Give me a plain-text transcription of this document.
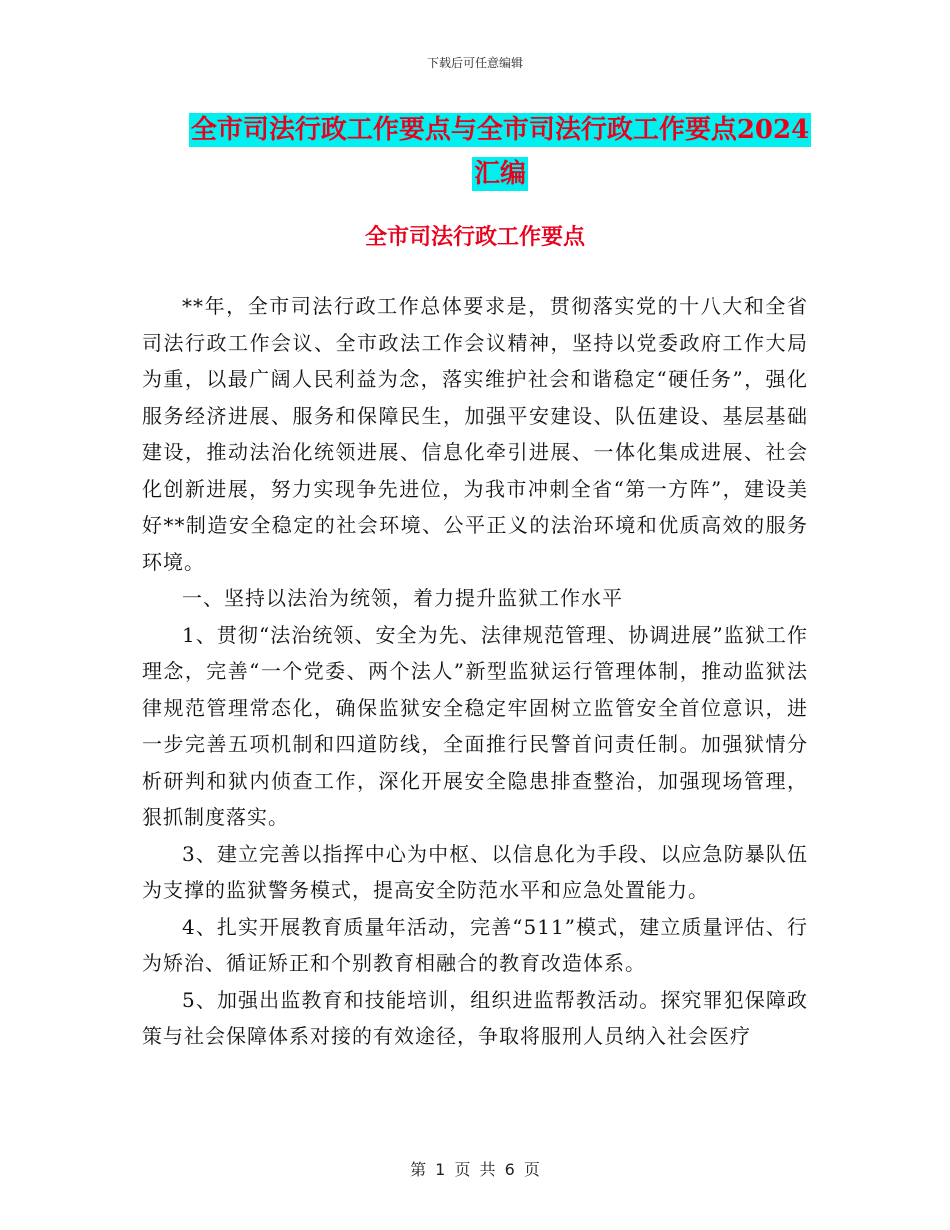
下载后可任意编辑
全市司法行政工作要点与全市司法行政工作要点2024
汇编
全市司法行政工作要点

**年，全市司法行政工作总体要求是，贯彻落实党的十八大和全省司法行政工作会议、全市政法工作会议精神，坚持以党委政府工作大局为重，以最广阔人民利益为念，落实维护社会和谐稳定“硬任务”，强化服务经济进展、服务和保障民生，加强平安建设、队伍建设、基层基础建设，推动法治化统领进展、信息化牵引进展、一体化集成进展、社会化创新进展，努力实现争先进位，为我市冲刺全省“第一方阵”，建设美好**制造安全稳定的社会环境、公平正义的法治环境和优质高效的服务环境。

一、坚持以法治为统领，着力提升监狱工作水平

1、贯彻“法治统领、安全为先、法律规范管理、协调进展”监狱工作理念，完善“一个党委、两个法人”新型监狱运行管理体制，推动监狱法律规范管理常态化，确保监狱安全稳定牢固树立监管安全首位意识，进一步完善五项机制和四道防线，全面推行民警首问责任制。加强狱情分析研判和狱内侦查工作，深化开展安全隐患排查整治，加强现场管理，狠抓制度落实。

3、建立完善以指挥中心为中枢、以信息化为手段、以应急防暴队伍为支撑的监狱警务模式，提高安全防范水平和应急处置能力。

4、扎实开展教育质量年活动，完善“511”模式，建立质量评估、行为矫治、循证矫正和个别教育相融合的教育改造体系。

5、加强出监教育和技能培训，组织进监帮教活动。探究罪犯保障政策与社会保障体系对接的有效途径，争取将服刑人员纳入社会医疗

第 1 页 共 6 页
